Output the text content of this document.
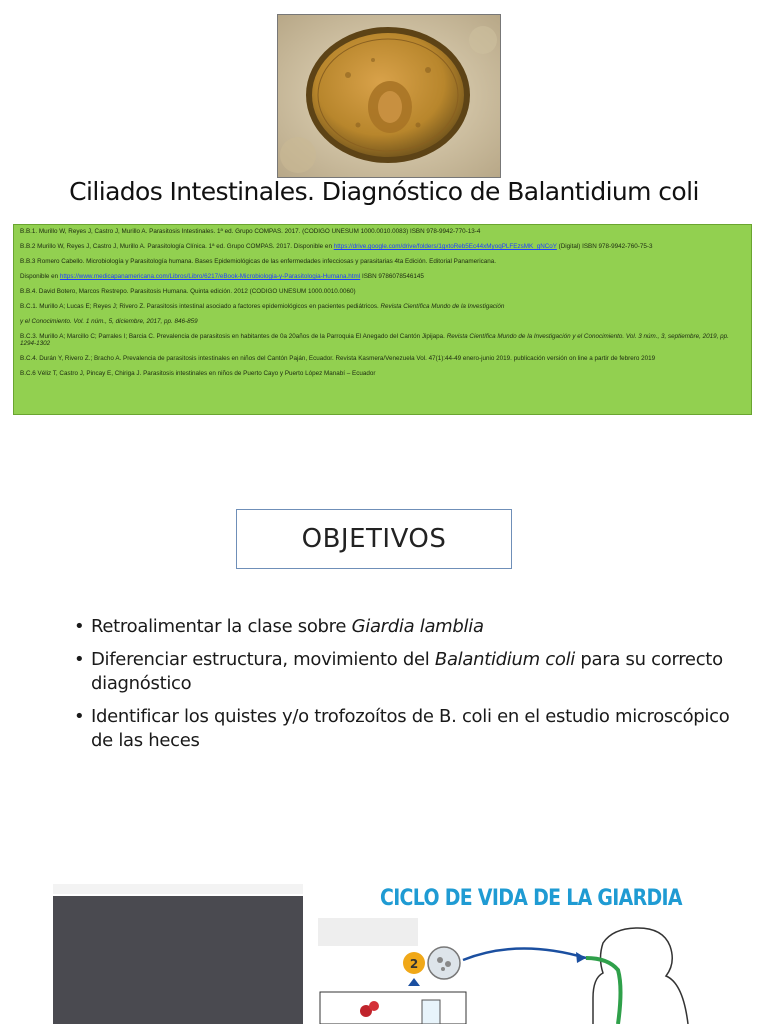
Ciliados Intestinales. Diagnóstico de Balantidium coli

B.B.1. Murillo W, Reyes J, Castro J, Murillo A. Parasitosis Intestinales. 1ª ed. Grupo COMPAS. 2017. (CODIGO UNESUM 1000.0010.0083) ISBN 978-9942-770-13-4

B.B.2 Murillo W, Reyes J, Castro J, Murillo A. Parasitología Clínica. 1ª ed. Grupo COMPAS. 2017. Disponible en https://drive.google.com/drive/folders/1gxtoReb5Ec44xMyoqPLFEzsMK_gNCoY (Digital) ISBN 978-9942-760-75-3

B.B.3 Romero Cabello. Microbiología y Parasitología humana. Bases Epidemiológicas de las enfermedades infecciosas y parasitarias 4ta Edición. Editorial Panamericana.

Disponible en https://www.medicapanamericana.com/Libros/Libro/6217/eBook-Microbiologia-y-Parasitologia-Humana.html ISBN 9786078546145

B.B.4. David Botero, Marcos Restrepo. Parasitosis Humana. Quinta edición. 2012 (CODIGO UNESUM 1000.0010.0060)

B.C.1. Murillo A; Lucas E; Reyes J; Rivero Z. Parasitosis intestinal asociado a factores epidemiológicos en pacientes pediátricos. Revista Científica Mundo de la Investigación

y el Conocimiento. Vol. 1 núm., 5, diciembre, 2017, pp. 846-859

B.C.3. Murillo A; Marcillo C; Parrales I; Barcia C. Prevalencia de parasitosis en habitantes de 0a 20años de la Parroquia El Anegado del Cantón Jipijapa. Revista Científica Mundo de la Investigación y el Conocimiento. Vol. 3 núm., 3, septiembre, 2019, pp. 1294-1302

B.C.4. Durán Y, Rivero Z.; Bracho A. Prevalencia de parasitosis intestinales en niños del Cantón Paján, Ecuador. Revista Kasmera/Venezuela Vol. 47(1):44-49 enero-junio 2019. publicación versión on line a partir de febrero 2019

B.C.6 Véliz T, Castro J, Pincay E, Chiriga J. Parasitosis intestinales en niños de Puerto Cayo y Puerto López Manabí – Ecuador

OBJETIVOS
• Retroalimentar la clase sobre Giardia lamblia
• Diferenciar estructura, movimiento del Balantidium coli para su correcto diagnóstico
• Identificar los quistes y/o trofozoítos de B. coli en el estudio microscópico de las heces
CICLO DE VIDA DE LA GIARDIA
2
